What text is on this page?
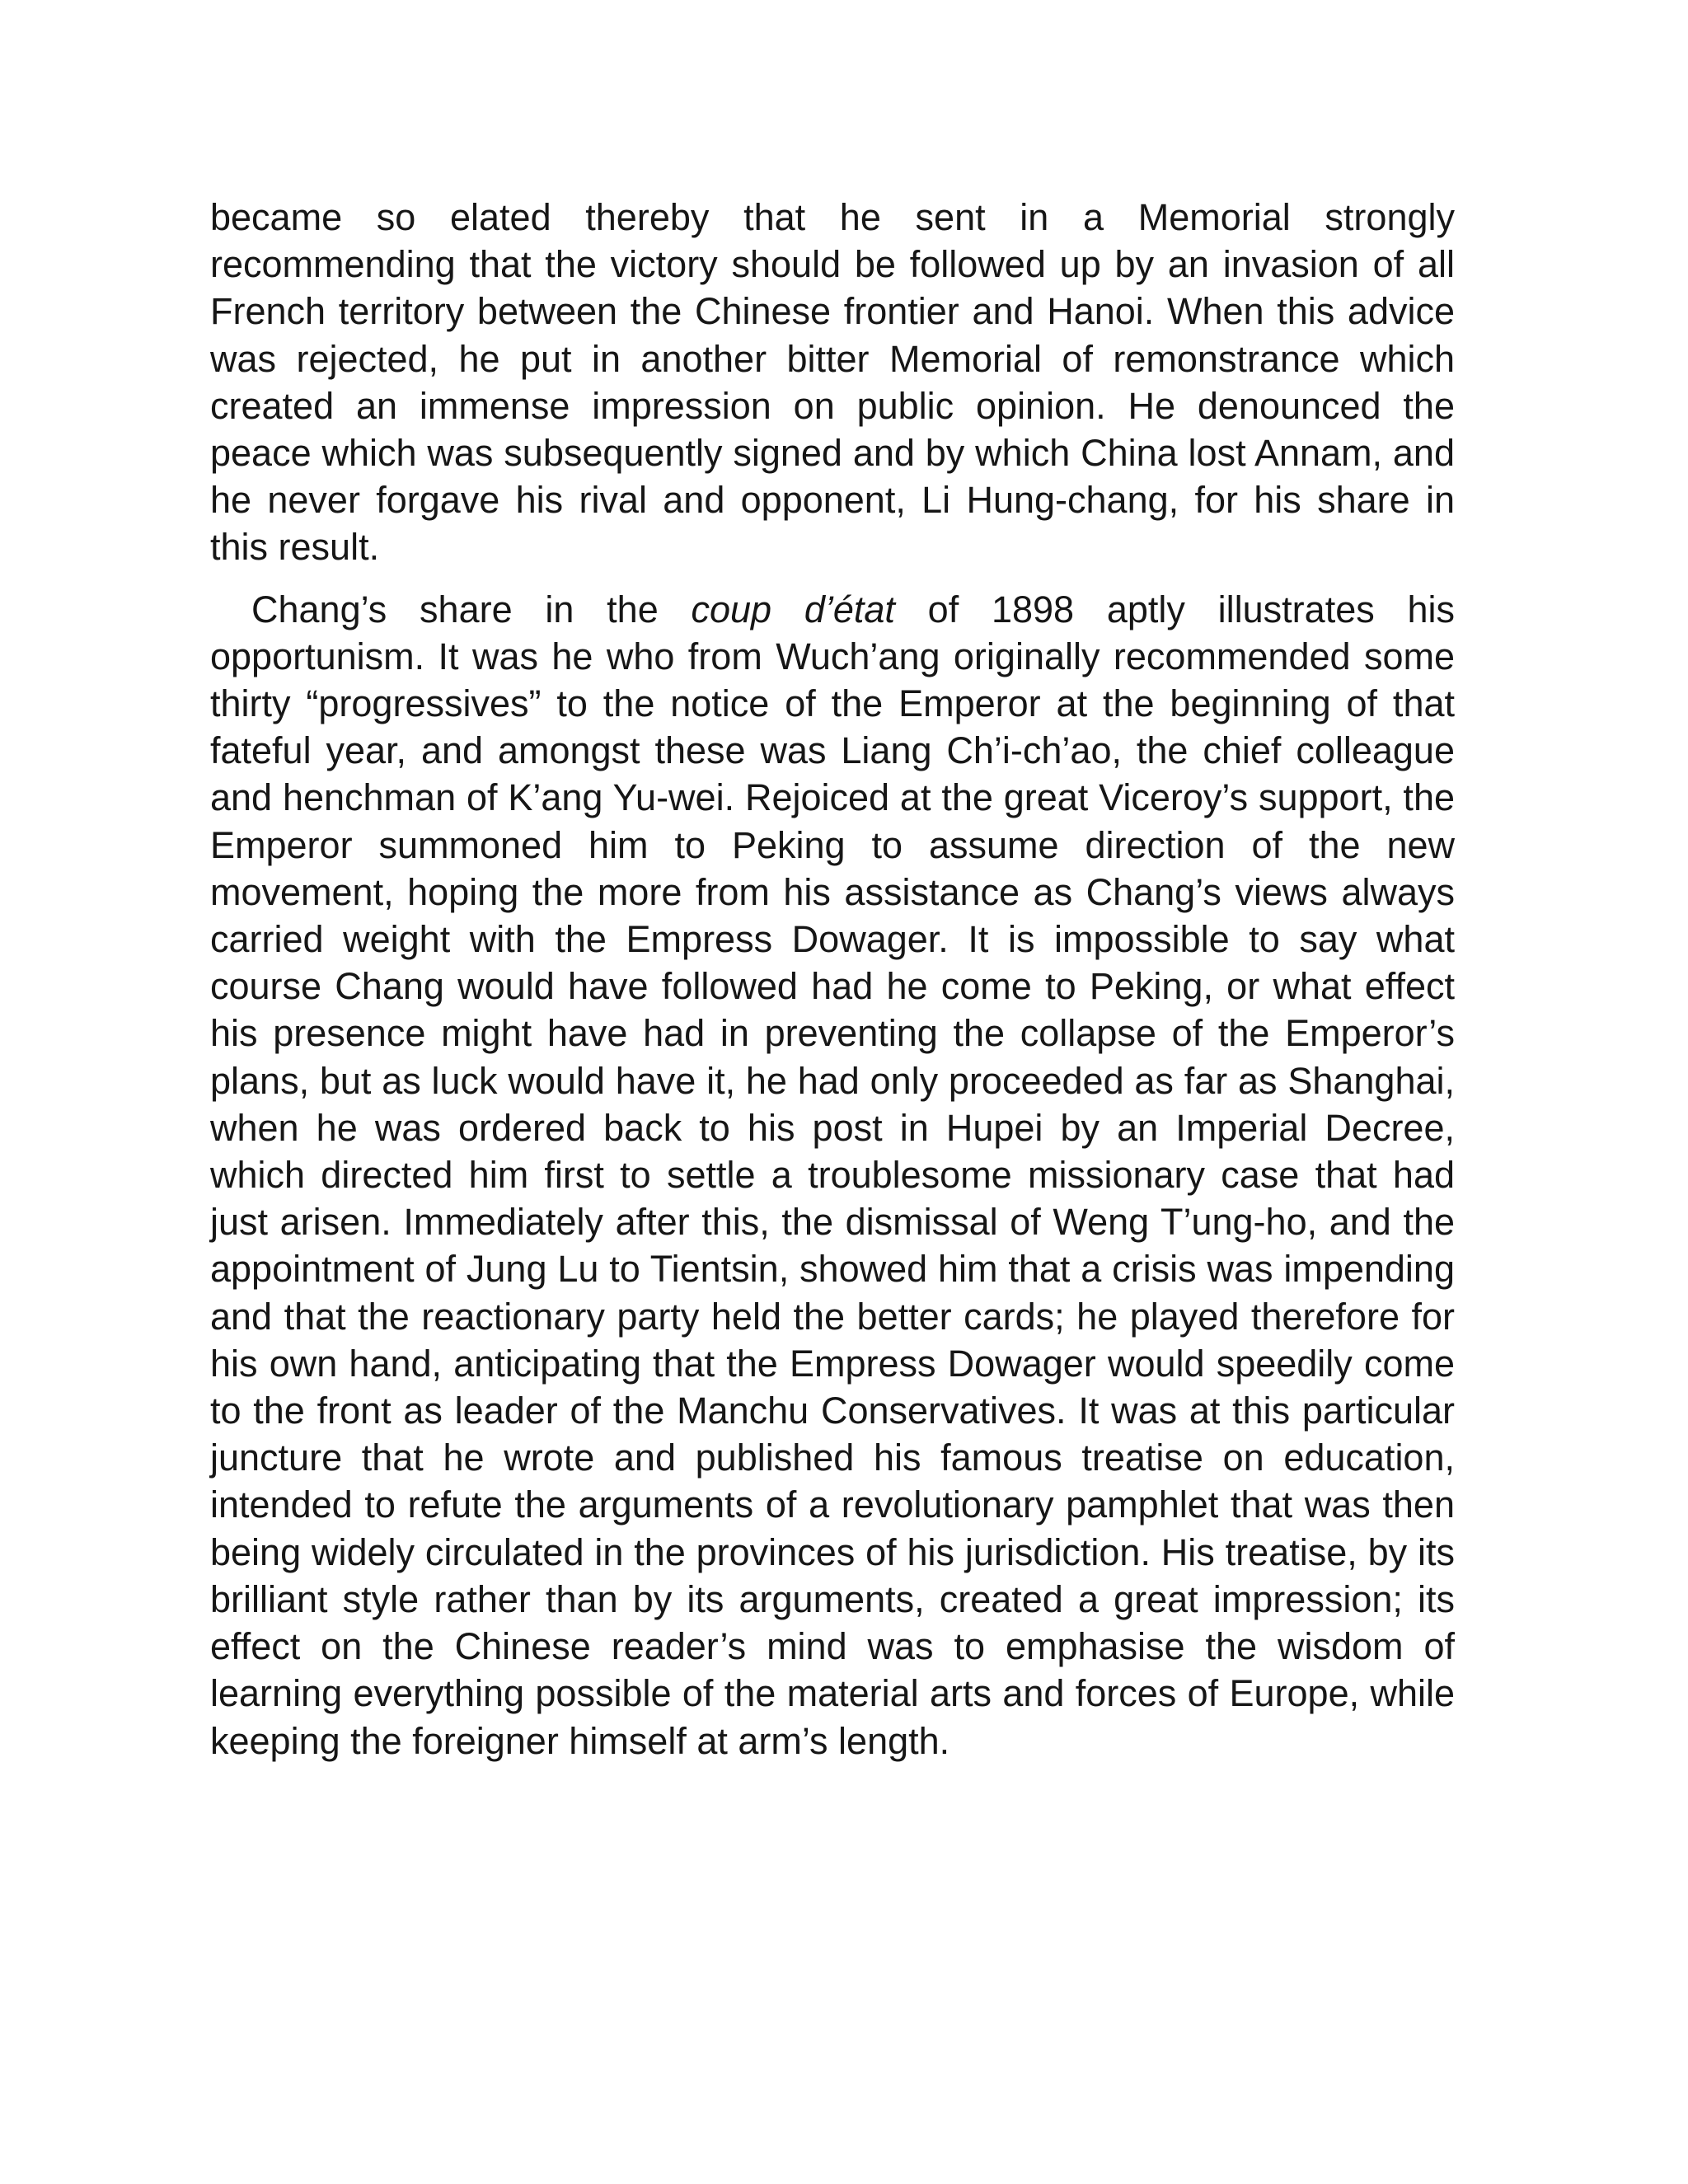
became so elated thereby that he sent in a Memorial strongly recommending that the victory should be followed up by an invasion of all French territory between the Chinese frontier and Hanoi. When this advice was rejected, he put in another bitter Memorial of remonstrance which created an immense impression on public opinion. He denounced the peace which was subsequently signed and by which China lost Annam, and he never forgave his rival and opponent, Li Hung-chang, for his share in this result.

Chang’s share in the coup d’état of 1898 aptly illustrates his opportunism. It was he who from Wuch’ang originally recommended some thirty “progressives” to the notice of the Emperor at the beginning of that fateful year, and amongst these was Liang Ch’i-ch’ao, the chief colleague and henchman of K’ang Yu-wei. Rejoiced at the great Viceroy’s support, the Emperor summoned him to Peking to assume direction of the new movement, hoping the more from his assistance as Chang’s views always carried weight with the Empress Dowager. It is impossible to say what course Chang would have followed had he come to Peking, or what effect his presence might have had in preventing the collapse of the Emperor’s plans, but as luck would have it, he had only proceeded as far as Shanghai, when he was ordered back to his post in Hupei by an Imperial Decree, which directed him first to settle a troublesome missionary case that had just arisen. Immediately after this, the dismissal of Weng T’ung-ho, and the appointment of Jung Lu to Tientsin, showed him that a crisis was impending and that the reactionary party held the better cards; he played therefore for his own hand, anticipating that the Empress Dowager would speedily come to the front as leader of the Manchu Conservatives. It was at this particular juncture that he wrote and published his famous treatise on education, intended to refute the arguments of a revolutionary pamphlet that was then being widely circulated in the provinces of his jurisdiction. His treatise, by its brilliant style rather than by its arguments, created a great impression; its effect on the Chinese reader’s mind was to emphasise the wisdom of learning everything possible of the material arts and forces of Europe, while keeping the foreigner himself at arm’s length.
